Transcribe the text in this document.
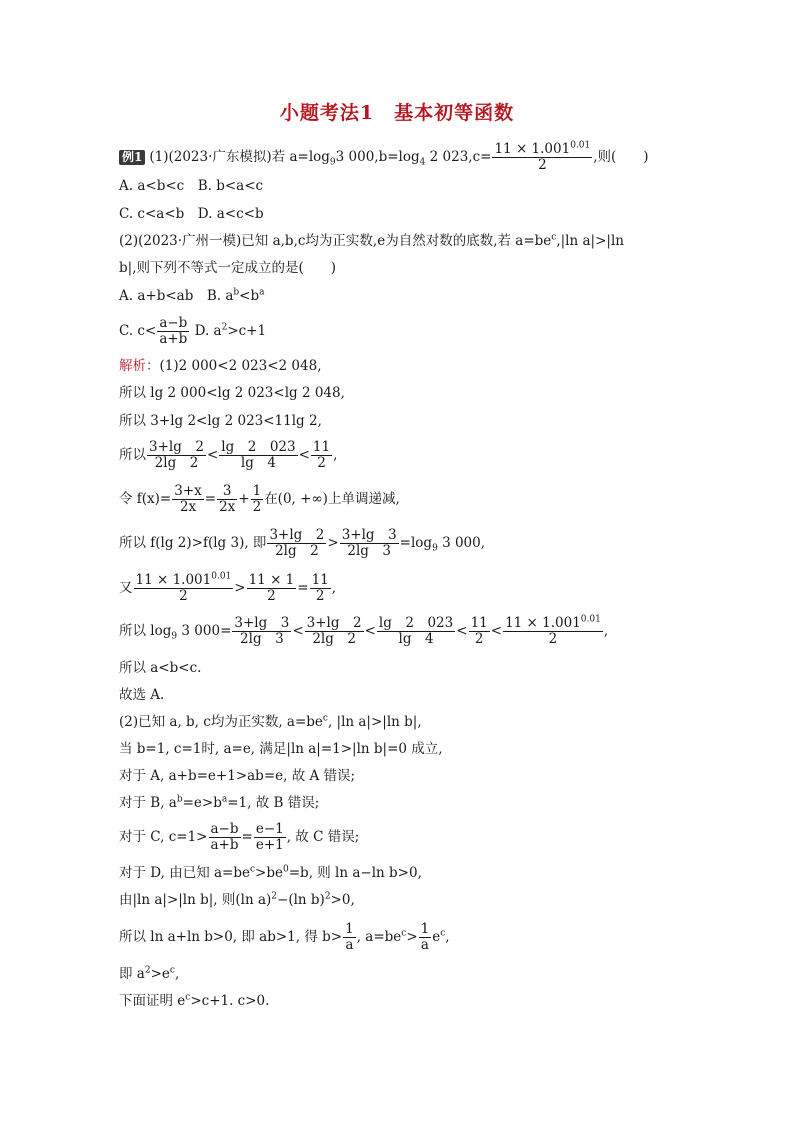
小题考法1　基本初等函数
例1 (1)(2023·广东模拟)若 $a=\log_93$ $000,b=\log_4$ 2 $023,c= \frac{11 \times 1.001^{0.01}}{2}$ ,则(　　)
A. a<b<c　B. b<a<c
C. c<a<b　D. a<c<b
(2)(2023·广州一模)已知 a,b,c均为正实数,e为自然对数的底数,若 $a=be^c,|\ln$ a|>|ln
b|,则下列不等式一定成立的是(　　)
A. a+b<ab　B. $a^b<b^a$
C. $c< \frac{a-b}{a+b} D$. $a^2>c+1$
解析：(1)2 000<2 023<2 048,
所以 lg 2 000<lg 2 023<lg 2 048,
所以 3+lg 2<lg 2 023<11lg 2,
所以 $\frac{3+\lg 2}{2\lg 2} < \frac{\lg 2 023}{\lg 4} < \frac{11}{2}$ ,
令 $f(x)= \frac{3+x}{2x} = \frac{3}{2x} + \frac{1}{2}$ 在(0, +∞)上单调递减,
所以 f(lg 2)>f(lg 3), 即 $\frac{3+\lg 2}{2\lg 2} > \frac{3+\lg 3}{2\lg 3} =\log_9$ 3 000,
又 $\frac{11 \times 1.001^{0.01}}{2} > \frac{11 \times 1}{2} = \frac{11}{2}$ ,
所以 $\log_9 3$ $000= \frac{3+\lg 3}{2\lg 3} < \frac{3+\lg 2}{2\lg 2} < \frac{\lg 2 023}{\lg 4} < \frac{11}{2} < \frac{11 \times 1.001^{0.01}}{2}$ ,
所以 a<b<c.
故选 A.
(2)已知 a, b, c均为正实数, $a=be^c$, |ln a|>|ln b|,
当 b=1, c=1时, a=e, 满足|ln a|=1>|ln b|=0 成立,
对于 A, a+b=e+1>ab=e, 故 A 错误;
对于 B, $a^b=e>b^a=1$, 故 B 错误;
对于 C, $c=1> \frac{a-b}{a+b} = \frac{e-1}{e+1}$ , 故 C 错误;
对于 D, 由已知 $a=be^c>be^0=b$, 则 ln a−ln b>0,
由|ln a|>|ln b|, 则(ln a)$^2$−(ln b)$^2$>0,
所以 ln a+ln b>0, 即 ab>1, 得 $b> \frac{1}{a}$ , $a=be^c> \frac{1}{a} e^c$,
即 $a^2>e^c$,
下面证明 $e^c>c+1$. c>0.
